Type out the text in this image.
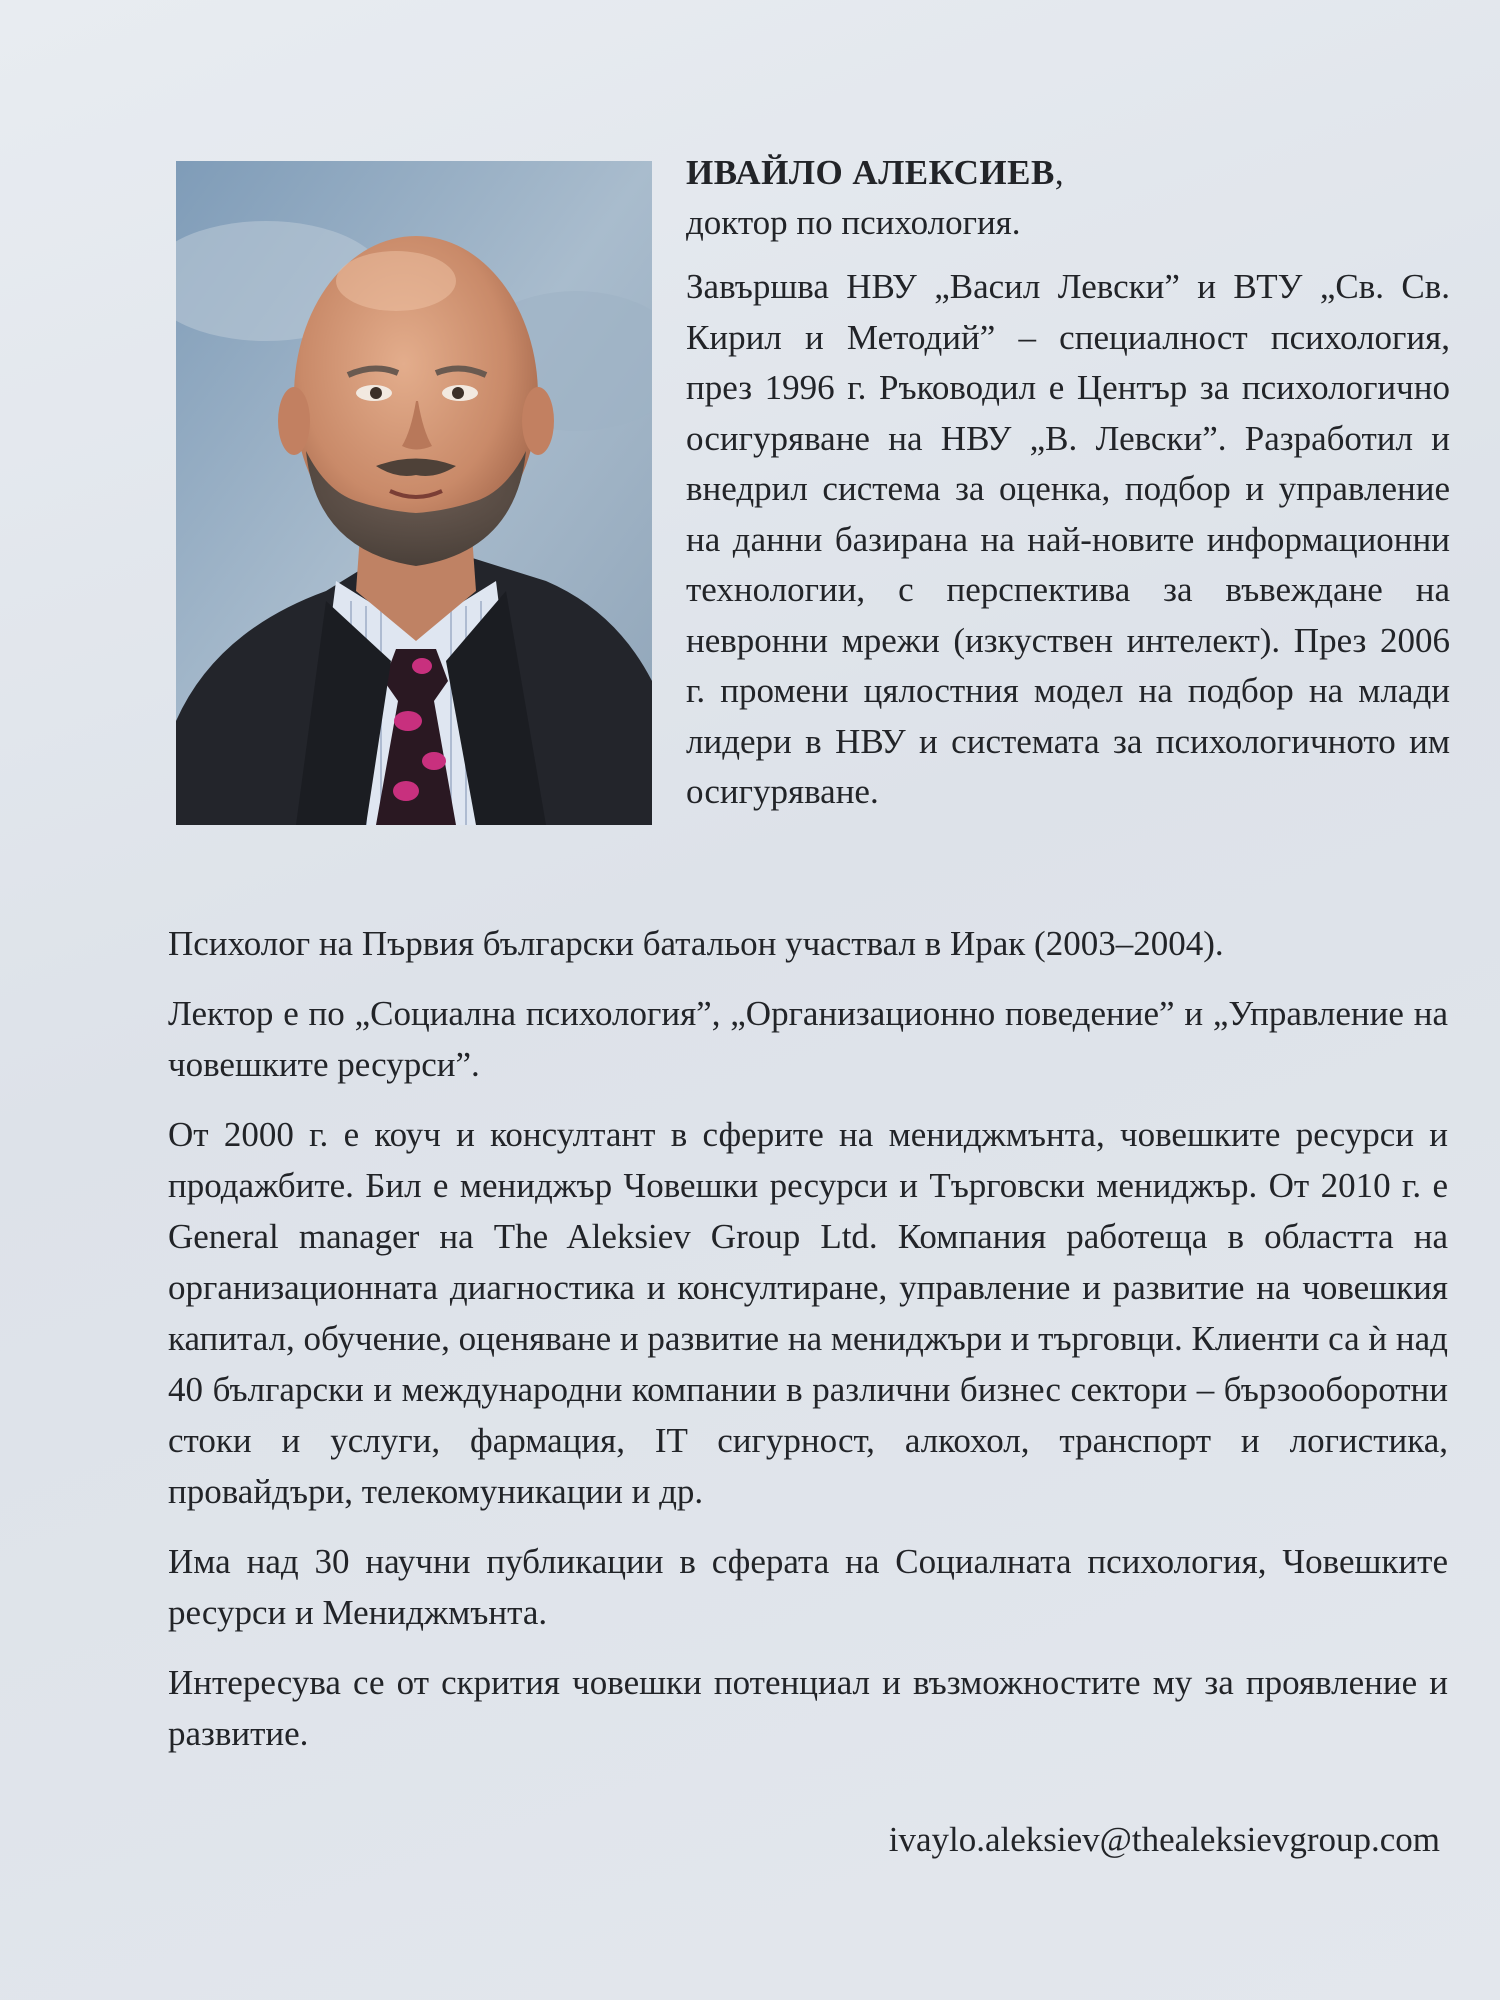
ИВАЙЛО АЛЕКСИЕВ,

доктор по психология.

Завършва НВУ „Васил Левски” и ВТУ „Св. Св. Кирил и Методий” – специалност психология, през 1996 г. Ръководил е Център за психологично осигуряване на НВУ „В. Левски”. Разработил и внедрил система за оценка, подбор и управление на данни базирана на най-новите информационни технологии, с перспектива за въвеждане на невронни мрежи (изкуствен интелект). През 2006 г. промени цялостния модел на подбор на млади лидери в НВУ и системата за психологичното им осигуряване.

Психолог на Първия български батальон участвал в Ирак (2003–2004).

Лектор е по „Социална психология”, „Организационно поведение” и „Управление на човешките ресурси”.

От 2000 г. е коуч и консултант в сферите на мениджмънта, човешките ресурси и продажбите. Бил е мениджър Човешки ресурси и Търговски мениджър. От 2010 г. е General manager на The Aleksiev Group Ltd. Компания работеща в областта на организационната диагностика и консултиране, управление и развитие на човешкия капитал, обучение, оценяване и развитие на мениджъри и търговци. Клиенти са ѝ над 40 български и международни компании в различни бизнес сектори – бързооборотни стоки и услуги, фармация, IT сигурност, алкохол, транспорт и логистика, провайдъри, телекомуникации и др.

Има над 30 научни публикации в сферата на Социалната психология, Човешките ресурси и Мениджмънта.

Интересува се от скрития човешки потенциал и възможностите му за проявление и развитие.

ivaylo.aleksiev@thealeksievgroup.com
